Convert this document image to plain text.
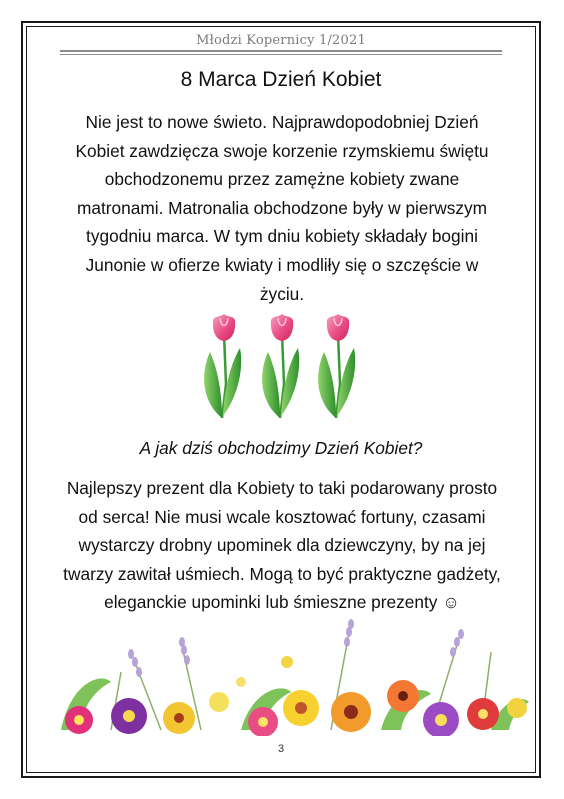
Młodzi Kopernicy 1/2021
8 Marca Dzień Kobiet
Nie jest to nowe świeto. Najprawdopodobniej Dzień Kobiet zawdzięcza swoje korzenie rzymskiemu świętu obchodzonemu przez zamężne kobiety zwane matronami. Matronalia obchodzone były w pierwszym tygodniu marca. W tym dniu kobiety składały bogini Junonie w ofierze kwiaty i modliły się o szczęście w życiu.
A jak dziś obchodzimy Dzień Kobiet?
Najlepszy prezent dla Kobiety to taki podarowany prosto od serca! Nie musi wcale kosztować fortuny, czasami wystarczy drobny upominek dla dziewczyny, by na jej twarzy zawitał uśmiech. Mogą to być praktyczne gadżety, eleganckie upominki lub śmieszne prezenty ☺
3
